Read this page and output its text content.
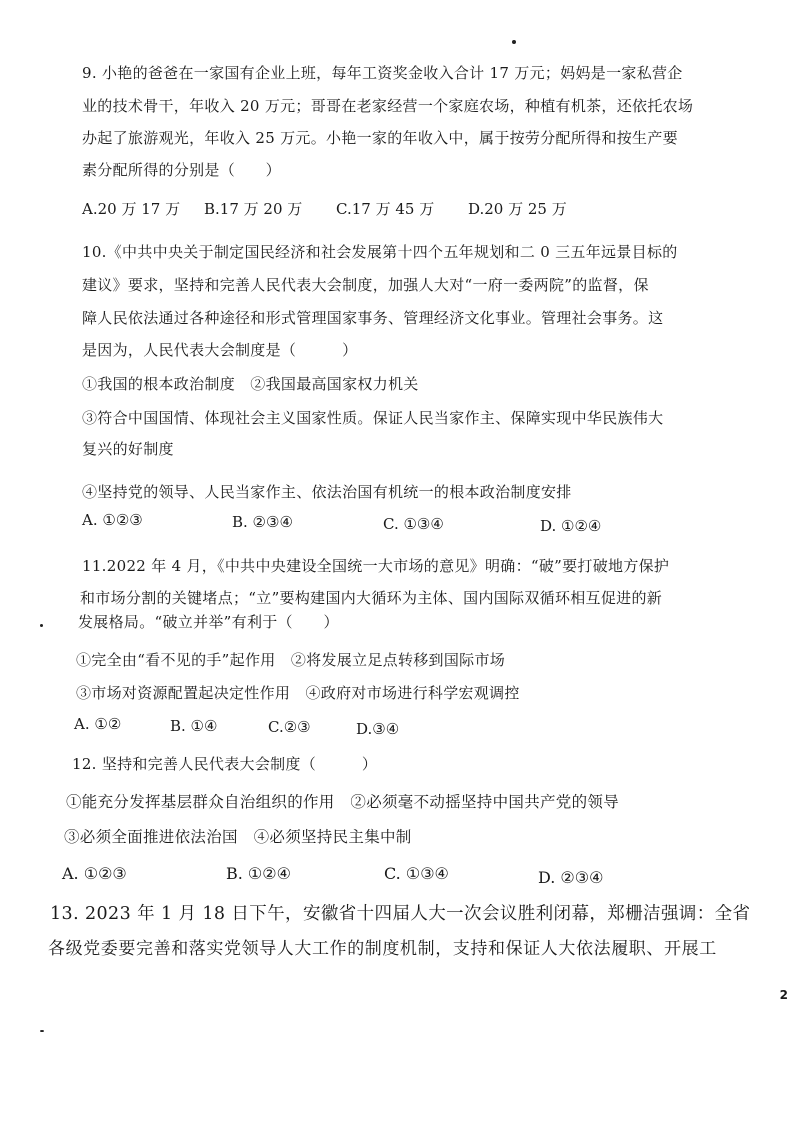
9. 小艳的爸爸在一家国有企业上班，每年工资奖金收入合计 17 万元；妈妈是一家私营企
业的技术骨干，年收入 20 万元；哥哥在老家经营一个家庭农场，种植有机茶，还依托农场
办起了旅游观光，年收入 25 万元。小艳一家的年收入中，属于按劳分配所得和按生产要
素分配所得的分别是（　　）
A.20 万 17 万 B.17 万 20 万 C.17 万 45 万 D.20 万 25 万
10.《中共中央关于制定国民经济和社会发展第十四个五年规划和二 0 三五年远景目标的
建议》要求，坚持和完善人民代表大会制度，加强人大对“一府一委两院”的监督，保
障人民依法通过各种途径和形式管理国家事务、管理经济文化事业。管理社会事务。这
是因为，人民代表大会制度是（　　　）
①我国的根本政治制度　②我国最高国家权力机关
③符合中国国情、体现社会主义国家性质。保证人民当家作主、保障实现中华民族伟大
复兴的好制度
④坚持党的领导、人民当家作主、依法治国有机统一的根本政治制度安排
A. ①②③	B. ②③④	C. ①③④	D. ①②④
11.2022 年 4 月，《中共中央建设全国统一大市场的意见》明确：“破”要打破地方保护
和市场分割的关键堵点；“立”要构建国内大循环为主体、国内国际双循环相互促进的新
发展格局。“破立并举”有利于（　　）
①完全由“看不见的手”起作用　②将发展立足点转移到国际市场
③市场对资源配置起决定性作用　④政府对市场进行科学宏观调控
A. ①②	B. ①④	C.②③	D.③④
12. 坚持和完善人民代表大会制度（　　　）
①能充分发挥基层群众自治组织的作用　②必须毫不动摇坚持中国共产党的领导
③必须全面推进依法治国　④必须坚持民主集中制
A. ①②③	B. ①②④	C. ①③④	D. ②③④
13. 2023 年 1 月 18 日下午，安徽省十四届人大一次会议胜利闭幕，郑栅洁强调：全省
各级党委要完善和落实党领导人大工作的制度机制，支持和保证人大依法履职、开展工
2
